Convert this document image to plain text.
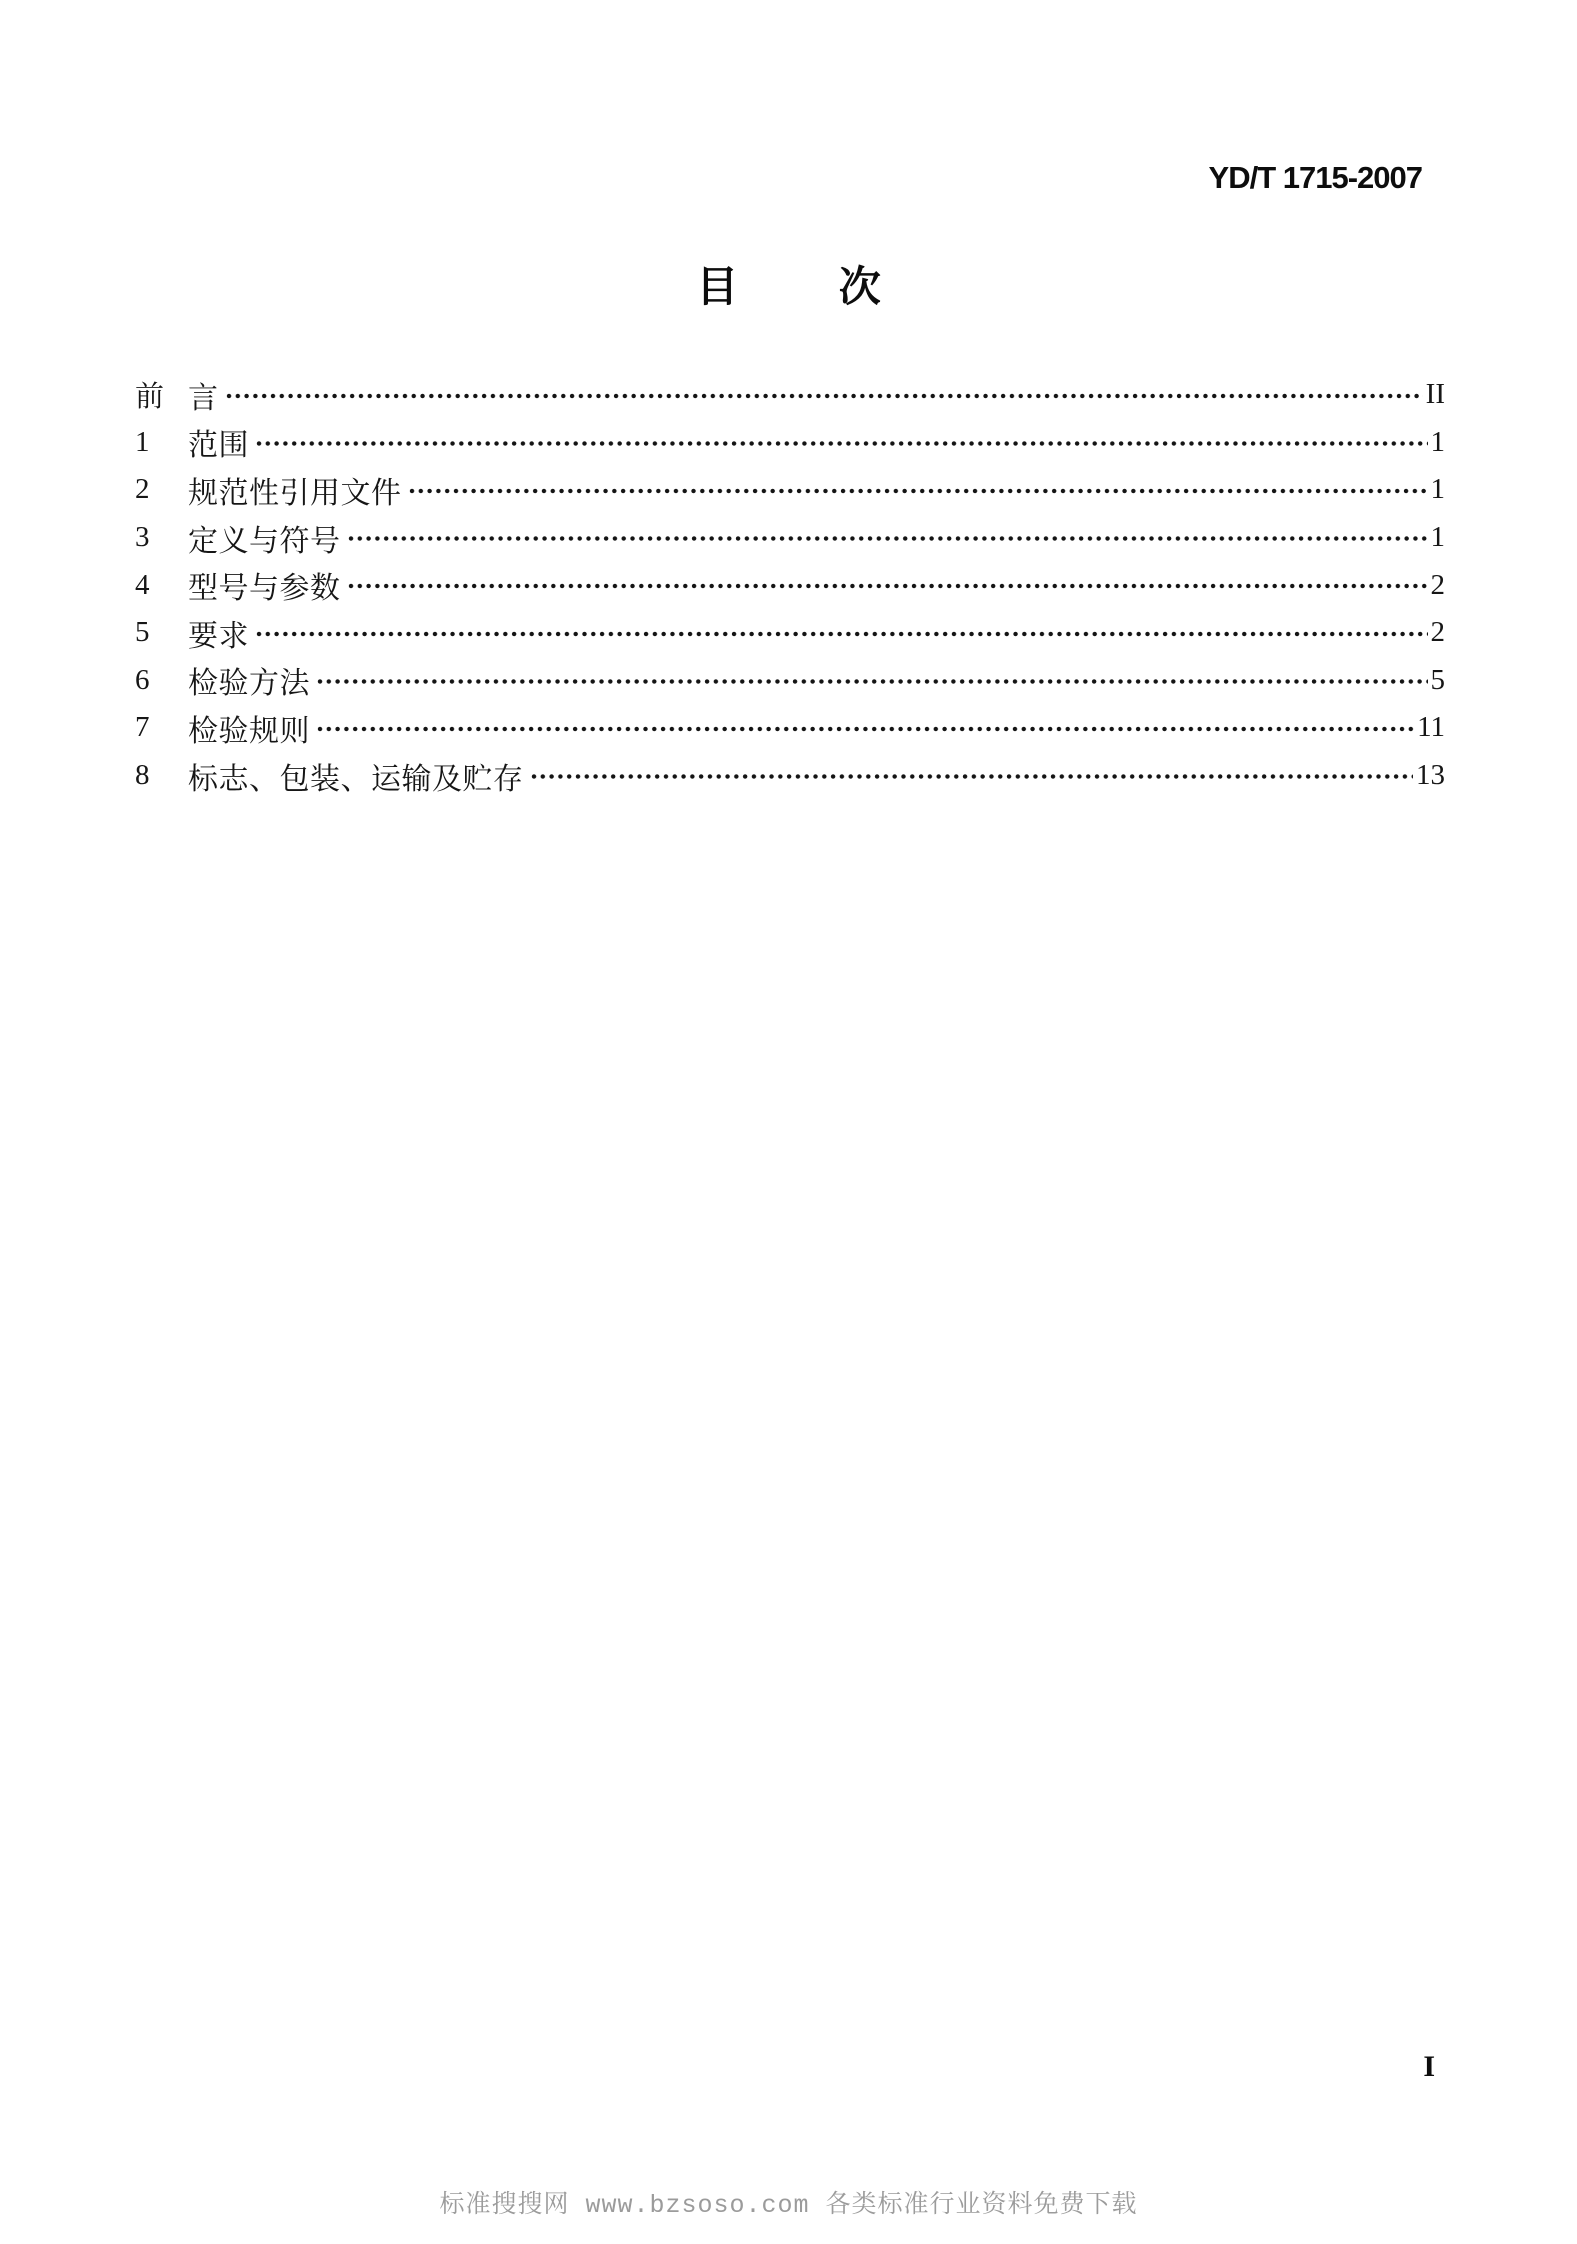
YD/T 1715-2007
目 次
前 言	II
1	范围	1
2	规范性引用文件	1
3	定义与符号	1
4	型号与参数	2
5	要求	2
6	检验方法	5
7	检验规则	11
8	标志、包装、运输及贮存	13
I
标准搜搜网 www.bzsoso.com 各类标准行业资料免费下载
